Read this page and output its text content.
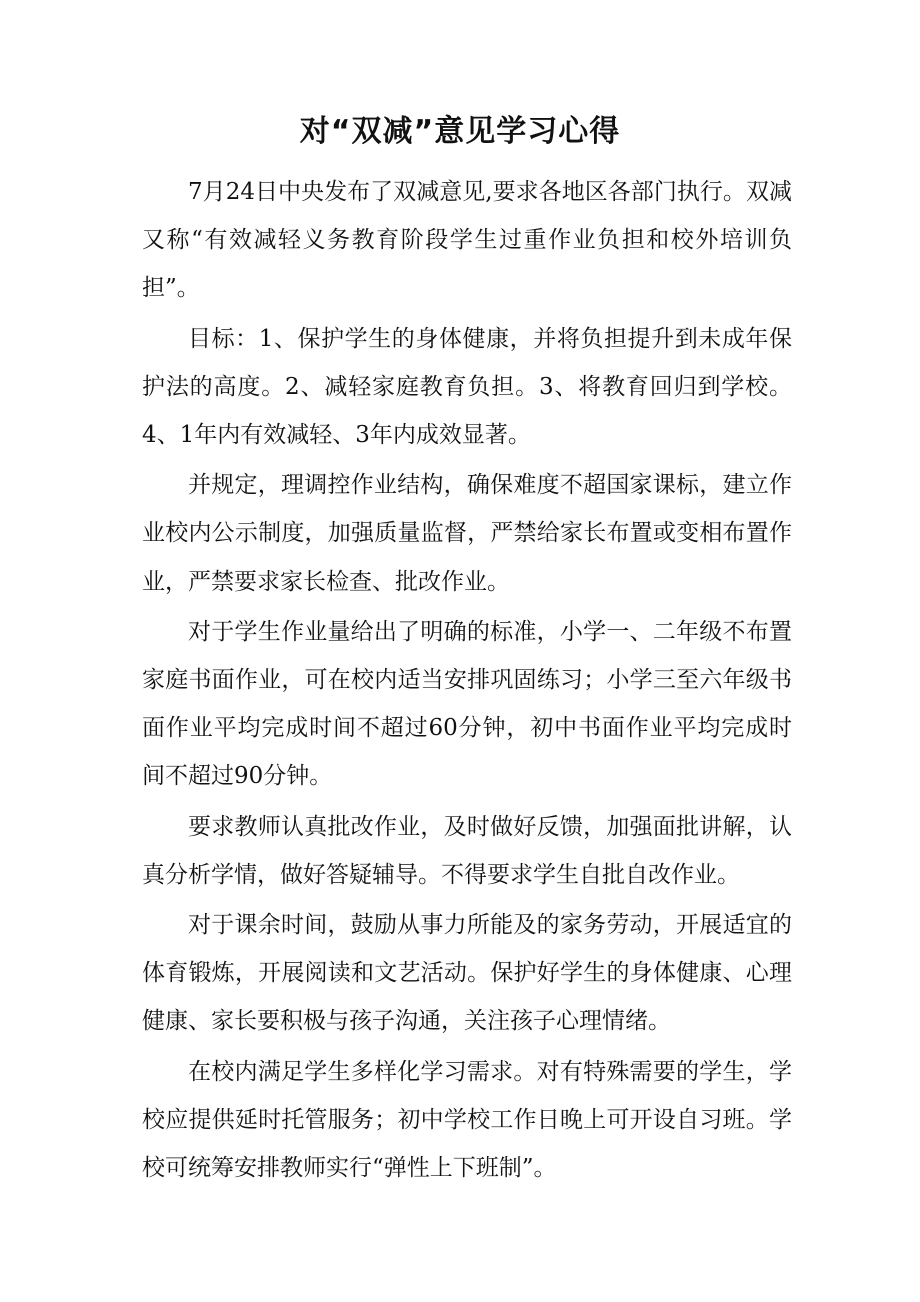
对“双减”意见学习心得

7月24日中央发布了双减意见,要求各地区各部门执行。双减又称“有效减轻义务教育阶段学生过重作业负担和校外培训负担”。

目标：1、保护学生的身体健康，并将负担提升到未成年保护法的高度。2、减轻家庭教育负担。3、将教育回归到学校。4、1年内有效减轻、3年内成效显著。

并规定，理调控作业结构，确保难度不超国家课标，建立作业校内公示制度，加强质量监督，严禁给家长布置或变相布置作业，严禁要求家长检查、批改作业。

对于学生作业量给出了明确的标准，小学一、二年级不布置家庭书面作业，可在校内适当安排巩固练习；小学三至六年级书面作业平均完成时间不超过60分钟，初中书面作业平均完成时间不超过90分钟。

要求教师认真批改作业，及时做好反馈，加强面批讲解，认真分析学情，做好答疑辅导。不得要求学生自批自改作业。

对于课余时间，鼓励从事力所能及的家务劳动，开展适宜的体育锻炼，开展阅读和文艺活动。保护好学生的身体健康、心理健康、家长要积极与孩子沟通，关注孩子心理情绪。

在校内满足学生多样化学习需求。对有特殊需要的学生，学校应提供延时托管服务；初中学校工作日晚上可开设自习班。学校可统筹安排教师实行“弹性上下班制”。
